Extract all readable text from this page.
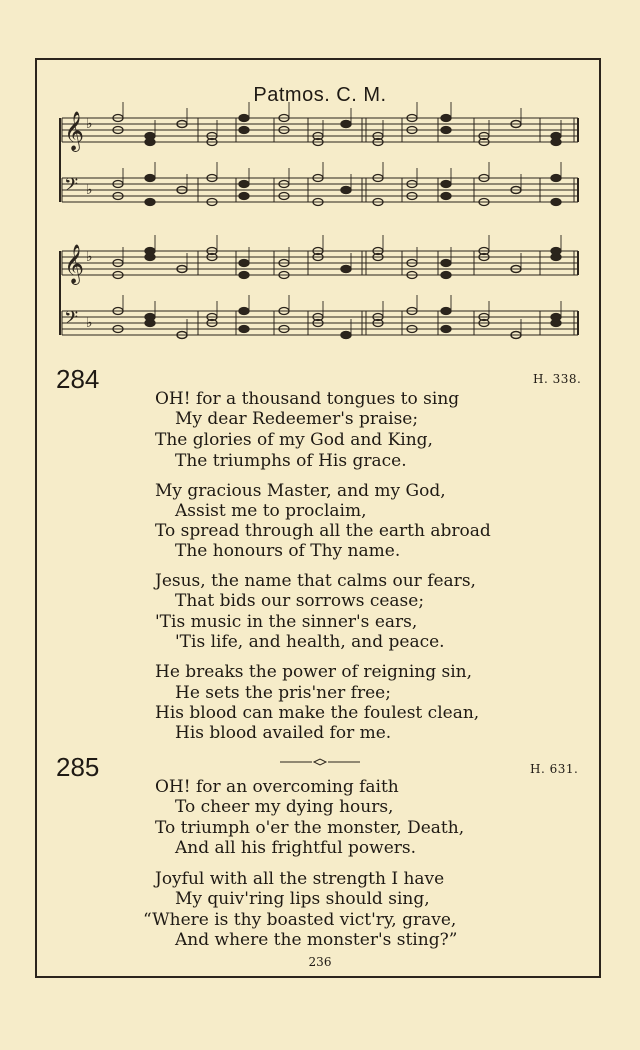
Patmos. C. M.
𝄞 ♭
𝄢 ♭
𝄞 ♭
𝄢 ♭
284	H. 338.
OH! for a thousand tongues to sing
My dear Redeemer's praise;
The glories of my God and King,
The triumphs of His grace.
My gracious Master, and my God,
Assist me to proclaim,
To spread through all the earth abroad
The honours of Thy name.
Jesus, the name that calms our fears,
That bids our sorrows cease;
'Tis music in the sinner's ears,
'Tis life, and health, and peace.
He breaks the power of reigning sin,
He sets the pris'ner free;
His blood can make the foulest clean,
His blood availed for me.
285	H. 631.
OH! for an overcoming faith
To cheer my dying hours,
To triumph o'er the monster, Death,
And all his frightful powers.
Joyful with all the strength I have
My quiv'ring lips should sing,
“Where is thy boasted vict'ry, grave,
And where the monster's sting?”
236
